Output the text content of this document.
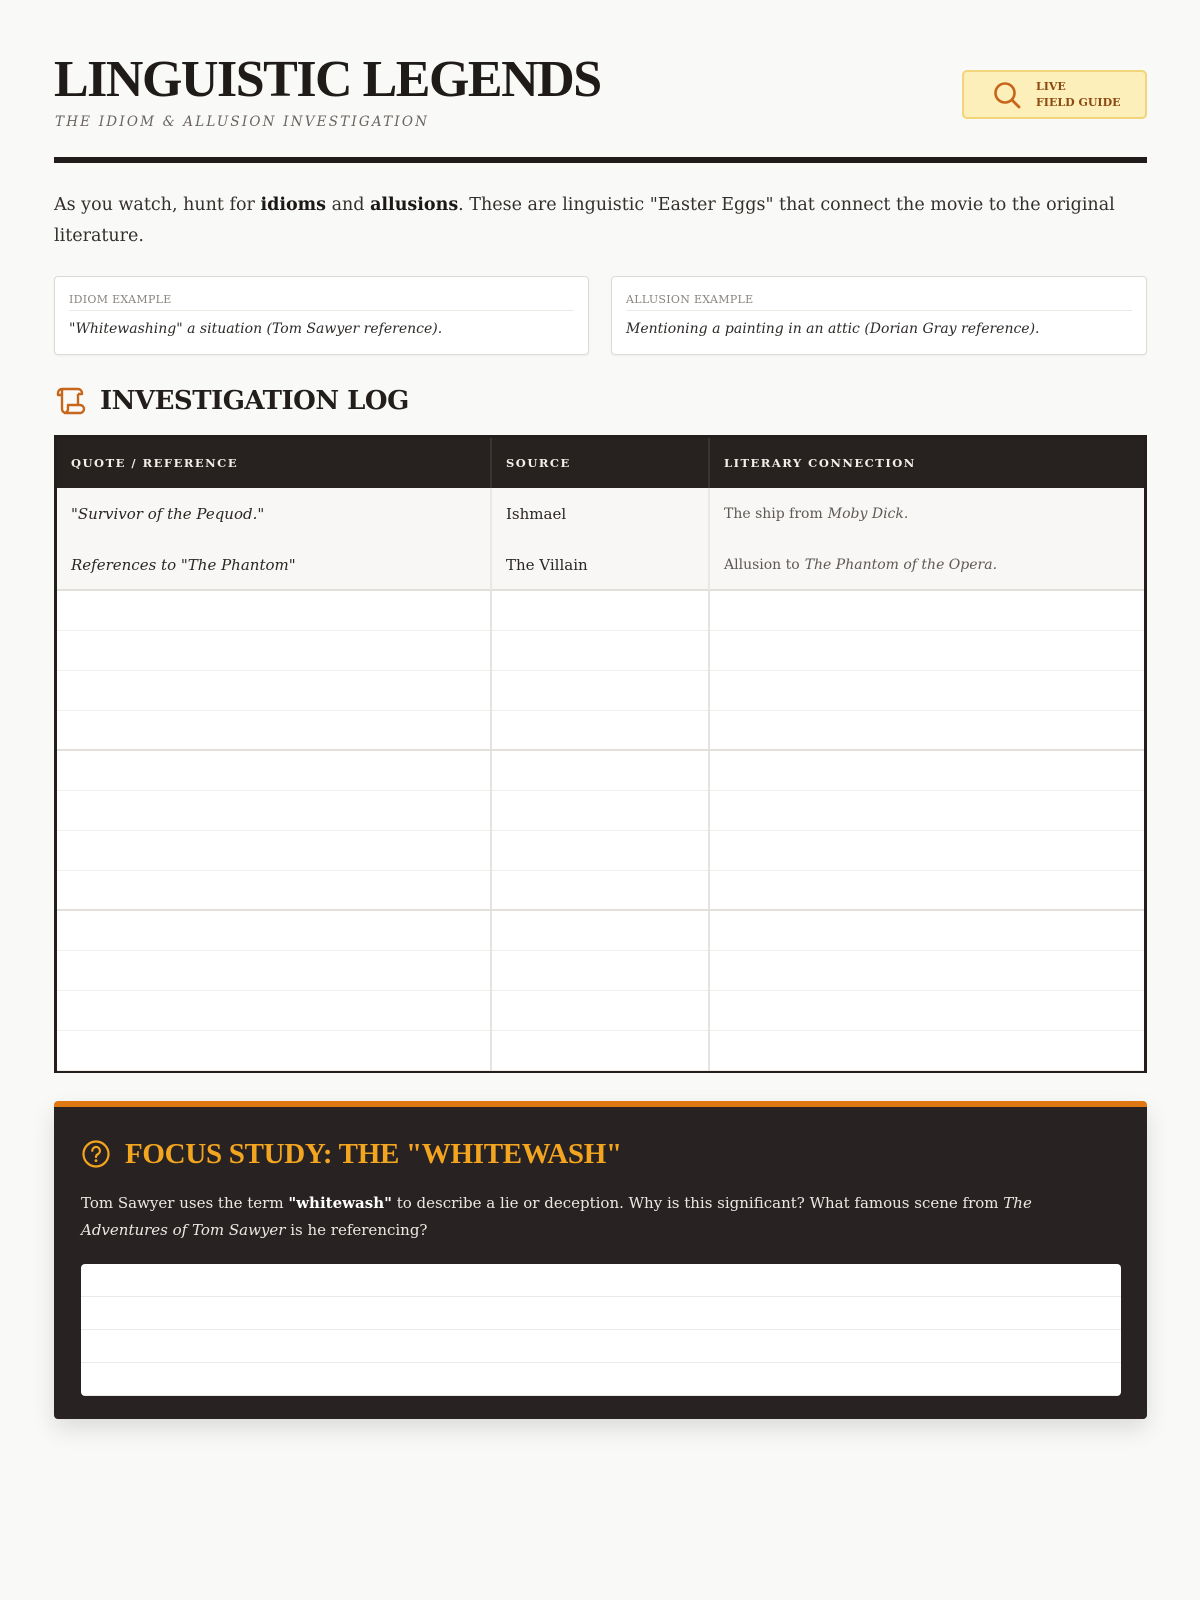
LINGUISTIC LEGENDS
THE IDIOM & ALLUSION INVESTIGATION
LIVE
FIELD GUIDE

As you watch, hunt for idioms and allusions. These are linguistic "Easter Eggs" that connect the movie to the original literature.

IDIOM EXAMPLE
"Whitewashing" a situation (Tom Sawyer reference).
ALLUSION EXAMPLE
Mentioning a painting in an attic (Dorian Gray reference).
INVESTIGATION LOG
QUOTE / REFERENCE	SOURCE	LITERARY CONNECTION
"Survivor of the Pequod."	Ishmael	The ship from Moby Dick.
References to "The Phantom"	The Villain	Allusion to The Phantom of the Opera.
FOCUS STUDY: THE "WHITEWASH"

Tom Sawyer uses the term "whitewash" to describe a lie or deception. Why is this significant? What famous scene from The Adventures of Tom Sawyer is he referencing?
